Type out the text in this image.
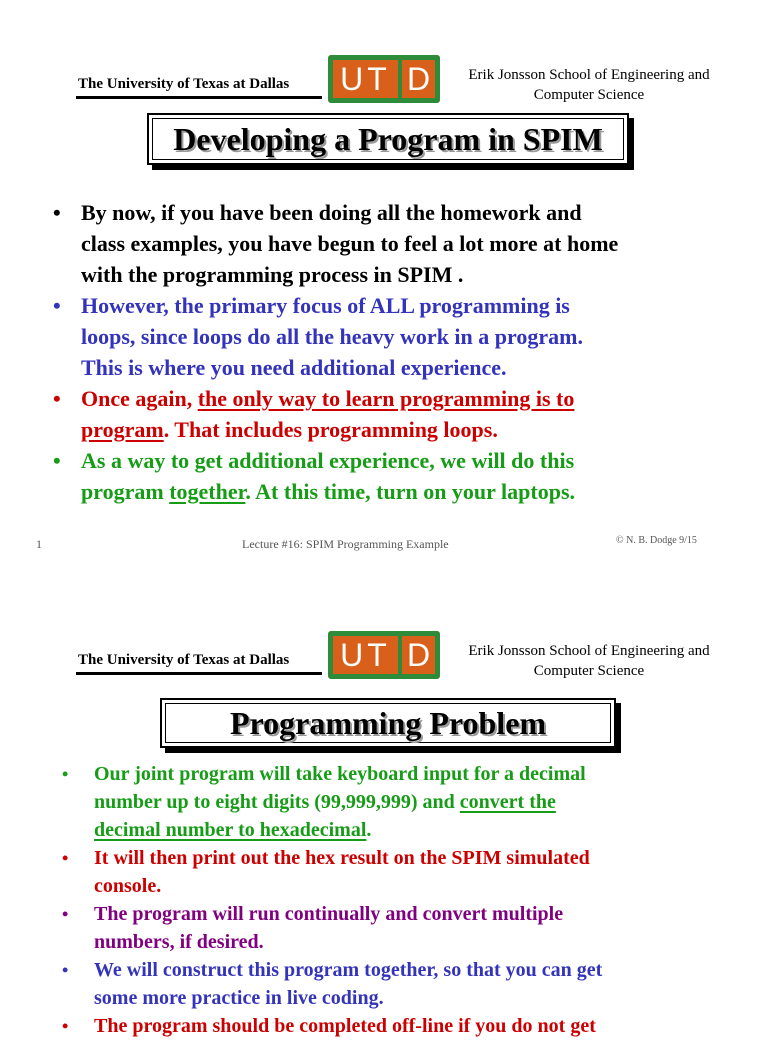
The University of Texas at Dallas UT D	Erik Jonsson School of Engineering and
Computer Science
Developing a Program in SPIM
• By now, if you have been doing all the homework and
class examples, you have begun to feel a lot more at home
with the programming process in SPIM .
• However, the primary focus of ALL programming is
loops, since loops do all the heavy work in a program.
This is where you need additional experience.
• Once again, the only way to learn programming is to
program. That includes programming loops.
• As a way to get additional experience, we will do this
program together. At this time, turn on your laptops.
1	Lecture #16: SPIM Programming Example	© N. B. Dodge 9/15
The University of Texas at Dallas UT D	Erik Jonsson School of Engineering and
Computer Science
Programming Problem
• Our joint program will take keyboard input for a decimal
number up to eight digits (99,999,999) and convert the
decimal number to hexadecimal.
• It will then print out the hex result on the SPIM simulated
console.
• The program will run continually and convert multiple
numbers, if desired.
• We will construct this program together, so that you can get
some more practice in live coding.
• The program should be completed off-line if you do not get
